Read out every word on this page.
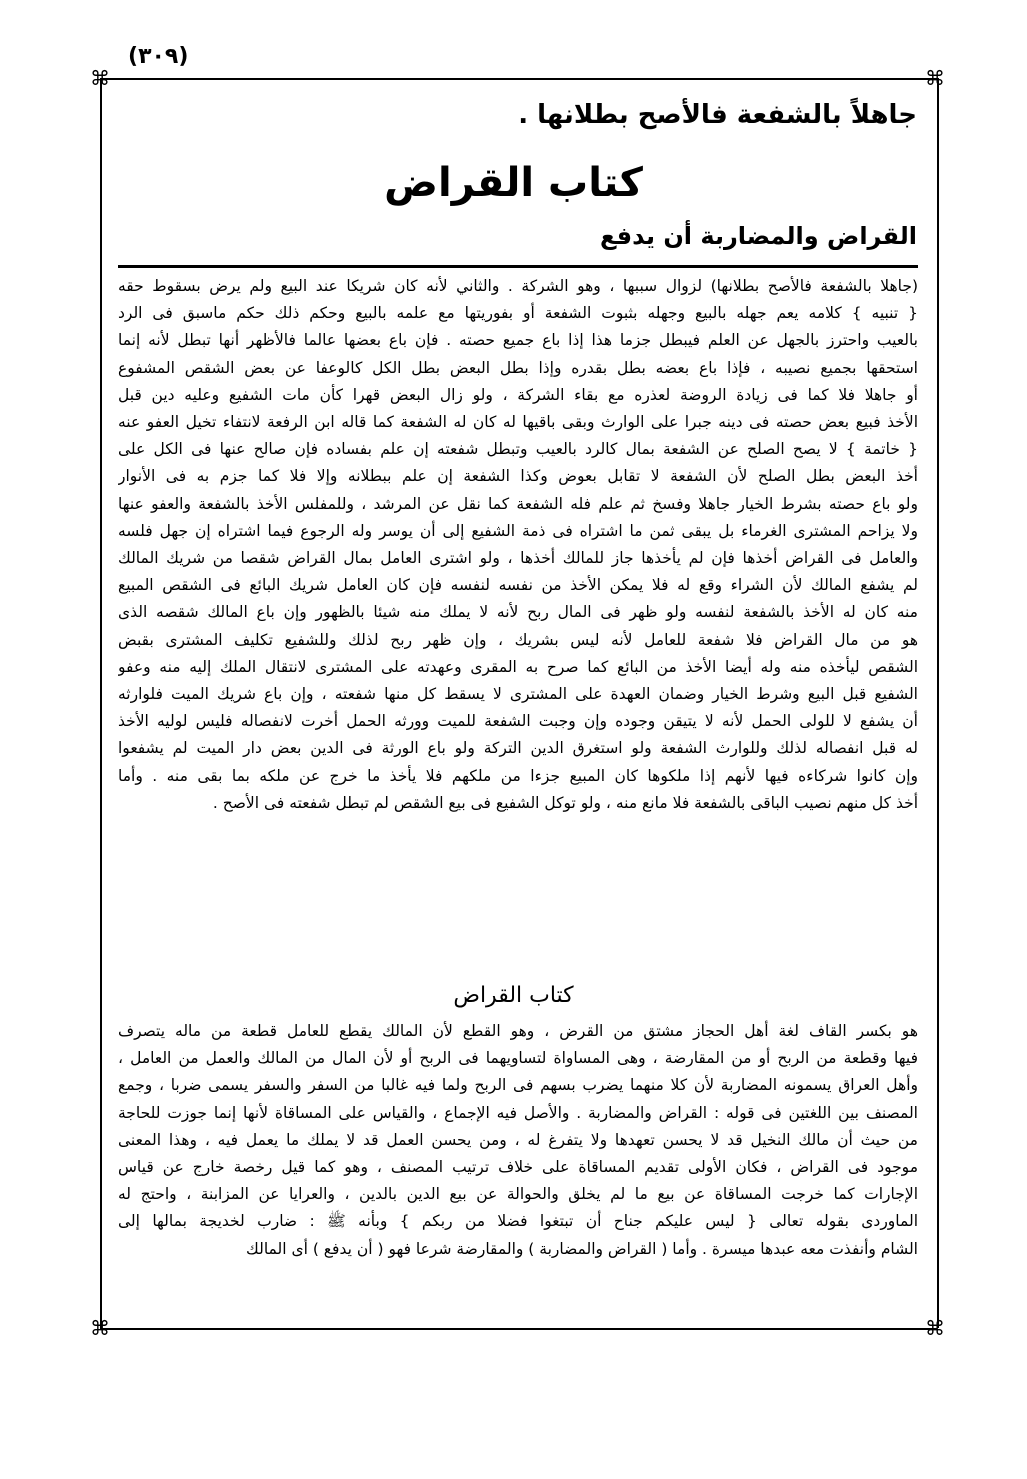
(٣٠٩)
⌘	⌘
⌘	⌘
جاهلاً بالشفعة فالأصح بطلانها .
كتاب القراض
القراض والمضاربة أن يدفع
(جاهلا بالشفعة فالأصح بطلانها) لزوال سببها ، وهو الشركة . والثاني لأنه كان شريكا عند البيع ولم يرض بسقوط حقه
{ تنبيه } كلامه يعم جهله بالبيع وجهله بثبوت الشفعة أو بفوريتها مع علمه بالبيع وحكم ذلك حكم ماسبق فى الرد
بالعيب واحترز بالجهل عن العلم فيبطل جزما هذا إذا باع جميع حصته . فإن باع بعضها عالما فالأظهر أنها تبطل لأنه إنما
استحقها بجميع نصيبه ، فإذا باع بعضه بطل بقدره وإذا بطل البعض بطل الكل كالوعفا عن بعض الشقص المشفوع
أو جاهلا فلا كما فى زيادة الروضة لعذره مع بقاء الشركة ، ولو زال البعض قهرا كأن مات الشفيع وعليه دين قبل
الأخذ فبيع بعض حصته فى دينه جبرا على الوارث وبقى باقيها له كان له الشفعة كما قاله ابن الرفعة لانتفاء تخيل العفو عنه
{ خاتمة } لا يصح الصلح عن الشفعة بمال كالرد بالعيب وتبطل شفعته إن علم بفساده فإن صالح عنها فى الكل على
أخذ البعض بطل الصلح لأن الشفعة لا تقابل بعوض وكذا الشفعة إن علم ببطلانه وإلا فلا كما جزم به فى الأنوار
ولو باع حصته بشرط الخيار جاهلا وفسخ ثم علم فله الشفعة كما نقل عن المرشد ، وللمفلس الأخذ بالشفعة والعفو عنها
ولا يزاحم المشترى الغرماء بل يبقى ثمن ما اشتراه فى ذمة الشفيع إلى أن يوسر وله الرجوع فيما اشتراه إن جهل فلسه
والعامل فى القراض أخذها فإن لم يأخذها جاز للمالك أخذها ، ولو اشترى العامل بمال القراض شقصا من شريك المالك
لم يشفع المالك لأن الشراء وقع له فلا يمكن الأخذ من نفسه لنفسه فإن كان العامل شريك البائع فى الشقص المبيع
منه كان له الأخذ بالشفعة لنفسه ولو ظهر فى المال ربح لأنه لا يملك منه شيئا بالظهور وإن باع المالك شقصه الذى
هو من مال القراض فلا شفعة للعامل لأنه ليس بشريك ، وإن ظهر ربح لذلك وللشفيع تكليف المشترى بقبض
الشقص ليأخذه منه وله أيضا الأخذ من البائع كما صرح به المقرى وعهدته على المشترى لانتقال الملك إليه منه وعفو
الشفيع قبل البيع وشرط الخيار وضمان العهدة على المشترى لا يسقط كل منها شفعته ، وإن باع شريك الميت فلوارثه
أن يشفع لا للولى الحمل لأنه لا يتيقن وجوده وإن وجبت الشفعة للميت وورثه الحمل أخرت لانفصاله فليس لوليه الأخذ
له قبل انفصاله لذلك وللوارث الشفعة ولو استغرق الدين التركة ولو باع الورثة فى الدين بعض دار الميت لم يشفعوا
وإن كانوا شركاءه فيها لأنهم إذا ملكوها كان المبيع جزءا من ملكهم فلا يأخذ ما خرج عن ملكه بما بقى منه . وأما
أخذ كل منهم نصيب الباقى بالشفعة فلا مانع منه ، ولو توكل الشفيع فى بيع الشقص لم تبطل شفعته فى الأصح .
كتاب القراض
هو بكسر القاف لغة أهل الحجاز مشتق من القرض ، وهو القطع لأن المالك يقطع للعامل قطعة من ماله يتصرف
فيها وقطعة من الربح أو من المقارضة ، وهى المساواة لتساويهما فى الربح أو لأن المال من المالك والعمل من العامل ،
وأهل العراق يسمونه المضاربة لأن كلا منهما يضرب بسهم فى الربح ولما فيه غالبا من السفر والسفر يسمى ضربا ، وجمع
المصنف بين اللغتين فى قوله : القراض والمضاربة . والأصل فيه الإجماع ، والقياس على المساقاة لأنها إنما جوزت للحاجة
من حيث أن مالك النخيل قد لا يحسن تعهدها ولا يتفرغ له ، ومن يحسن العمل قد لا يملك ما يعمل فيه ، وهذا المعنى
موجود فى القراض ، فكان الأولى تقديم المساقاة على خلاف ترتيب المصنف ، وهو كما قيل رخصة خارج عن قياس
الإجارات كما خرجت المساقاة عن بيع ما لم يخلق والحوالة عن بيع الدين بالدين ، والعرايا عن المزابنة ، واحتج له
الماوردى بقوله تعالى { ليس عليكم جناح أن تبتغوا فضلا من ربكم } وبأنه ﷺ : ضارب لخديجة بمالها إلى
الشام وأنفذت معه عبدها ميسرة . وأما ( القراض والمضاربة ) والمقارضة شرعا فهو ( أن يدفع ) أى المالك
